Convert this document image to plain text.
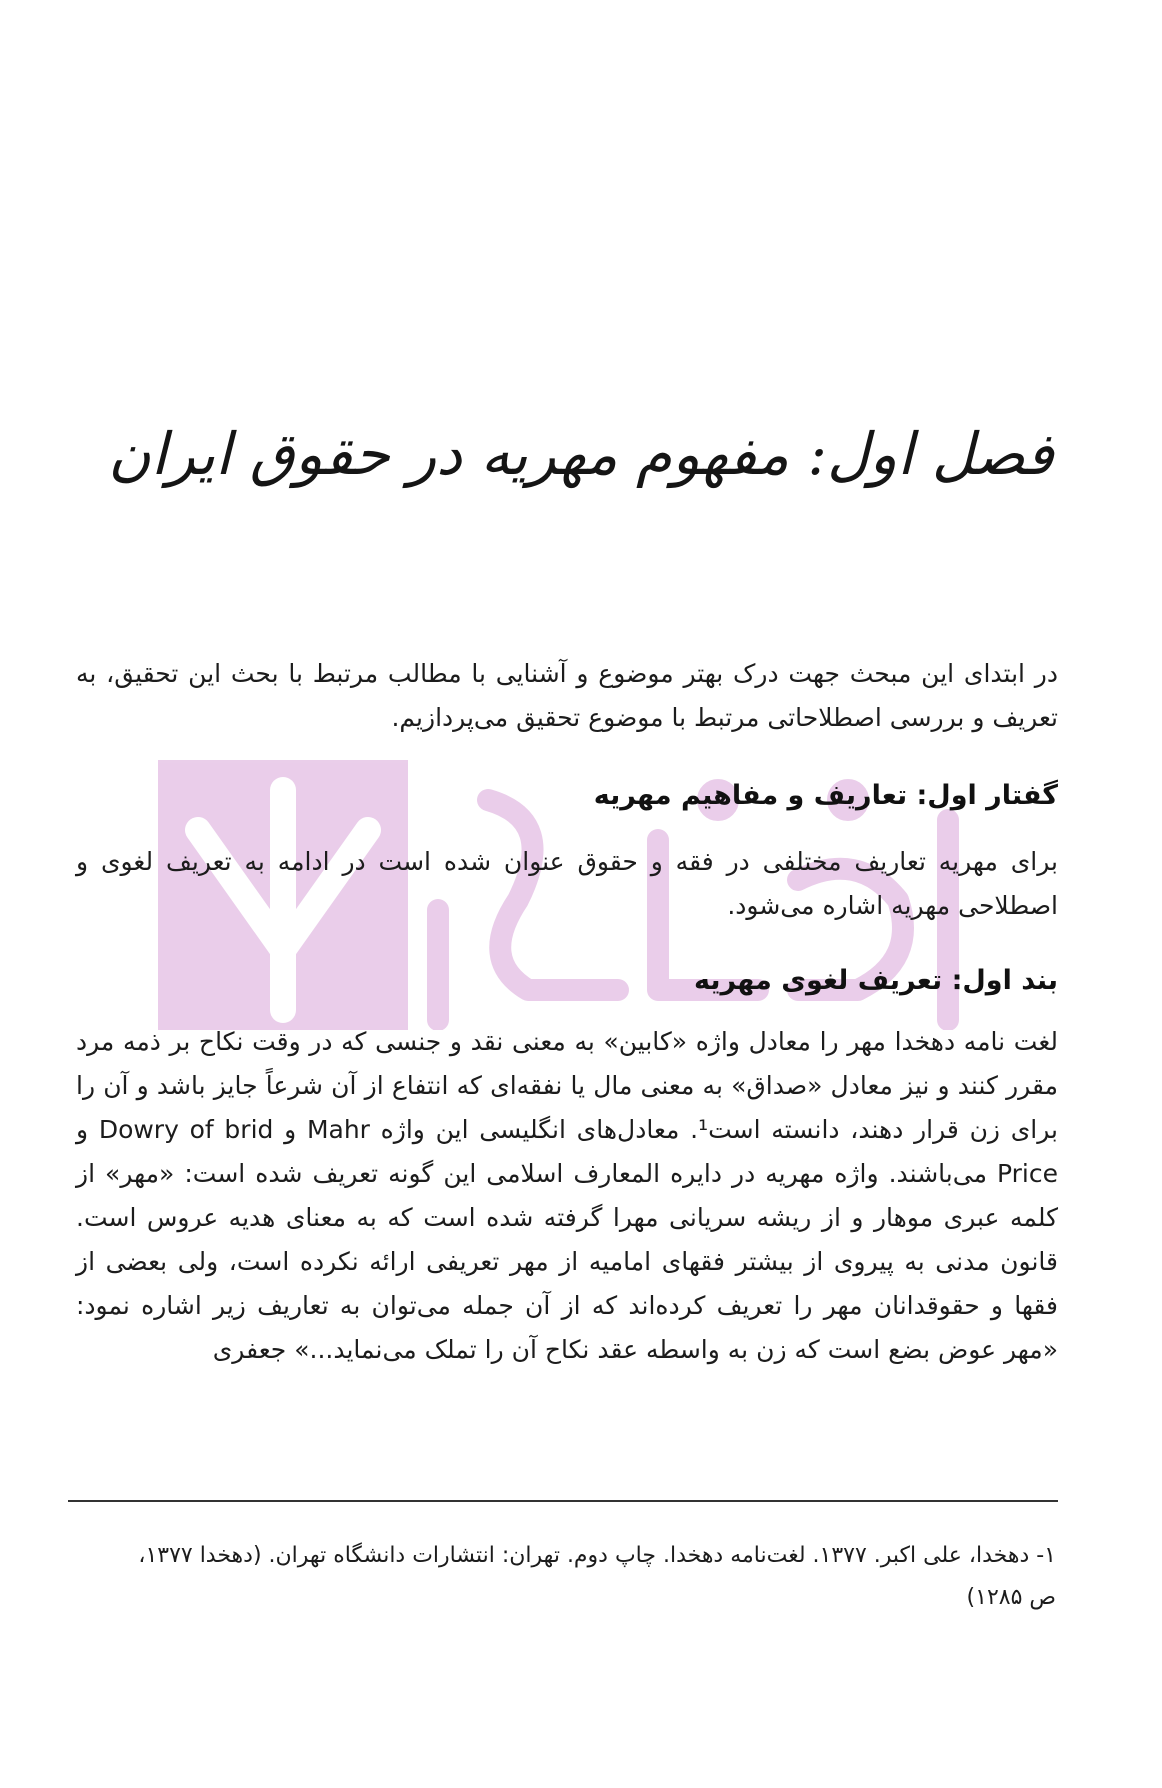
فصل اول: مفهوم مهریه در حقوق ایران
در ابتدای این مبحث جهت درک بهتر موضوع و آشنایی با مطالب مرتبط با بحث این تحقیق، به تعریف و بررسی اصطلاحاتی مرتبط با موضوع تحقیق می‌پردازیم.
گفتار اول: تعاریف و مفاهیم مهریه
برای مهریه تعاریف مختلفی در فقه و حقوق عنوان شده است در ادامه به تعریف لغوی و اصطلاحی مهریه اشاره می‌شود.
بند اول: تعریف لغوی مهریه
لغت نامه دهخدا مهر را معادل واژه «کابین» به معنی نقد و جنسی که در وقت نکاح بر ذمه مرد مقرر کنند و نیز معادل «صداق» به معنی مال یا نفقه‌ای که انتفاع از آن شرعاً جایز باشد و آن را برای زن قرار دهند، دانسته است¹. معادل‌های انگلیسی این واژه Mahr و Dowry of brid و Price می‌باشند. واژه مهریه در دایره المعارف اسلامی این گونه تعریف شده است: «مهر» از کلمه عبری موهار و از ریشه سریانی مهرا گرفته شده است که به معنای هدیه عروس است. قانون مدنی به پیروی از بیشتر فقهای امامیه از مهر تعریفی ارائه نکرده است، ولی بعضی از فقها و حقوقدانان مهر را تعریف کرده‌اند که از آن جمله می‌توان به تعاریف زیر اشاره نمود: «مهر عوض بضع است که زن به واسطه عقد نکاح آن را تملک می‌نماید...» جعفری
۱- دهخدا، علی اکبر. ۱۳۷۷. لغت‌نامه دهخدا. چاپ دوم. تهران: انتشارات دانشگاه تهران. (دهخدا ۱۳۷۷،
ص ۱۲۸۵)
